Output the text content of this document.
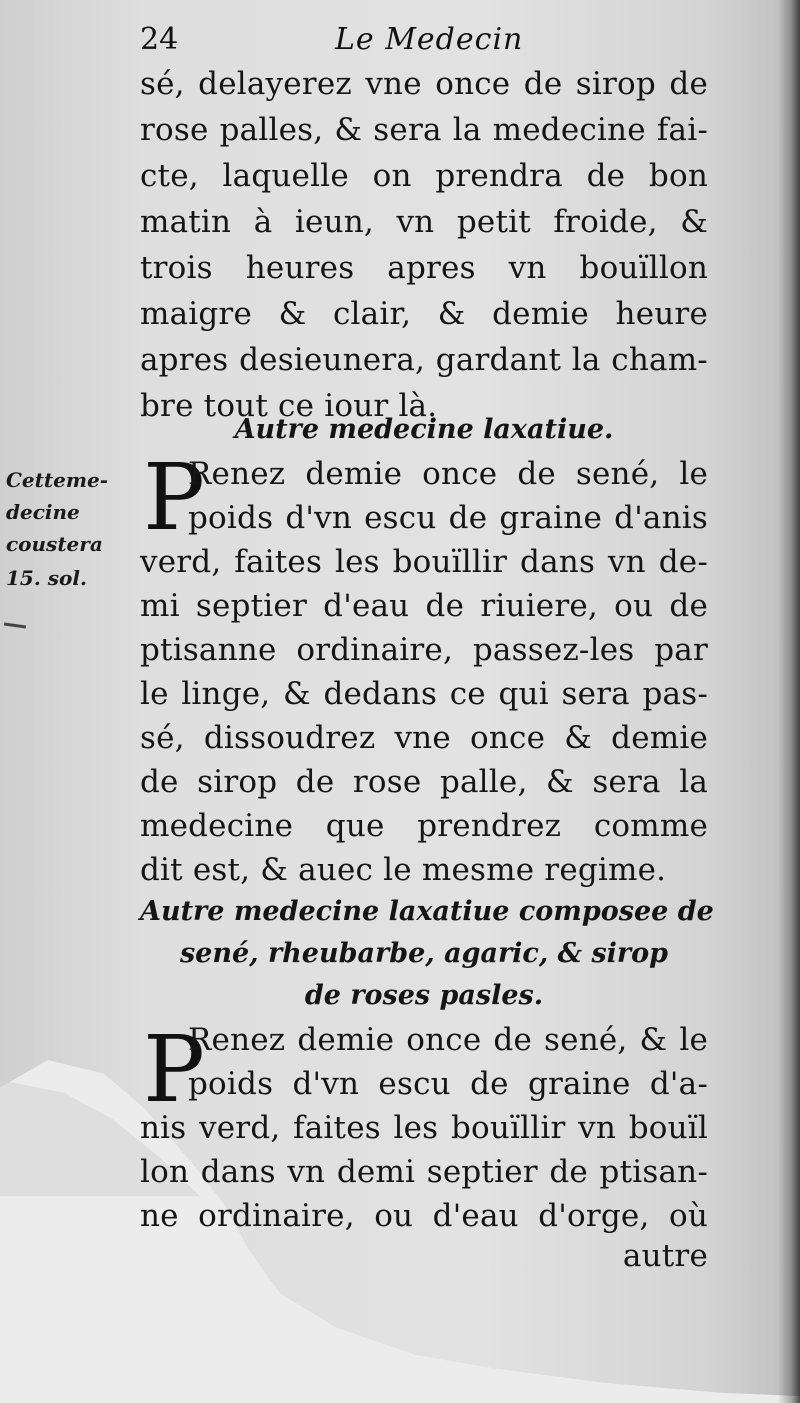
24	Le Medecin
sé, delayerez vne once de sirop de
rose palles, & sera la medecine fai-
cte, laquelle on prendra de bon
matin à ieun, vn petit froide, &
trois heures apres vn bouïllon
maigre & clair, & demie heure
apres desieunera, gardant la cham-
bre tout ce iour là.
Autre medecine laxatiue.
Cetteme-
decine
coustera
15. sol.
P
Renez demie once de sené, le
poids d'vn escu de graine d'anis
verd, faites les bouïllir dans vn de-
mi septier d'eau de riuiere, ou de
ptisanne ordinaire, passez-les par
le linge, & dedans ce qui sera pas-
sé, dissoudrez vne once & demie
de sirop de rose palle, & sera la
medecine que prendrez comme
dit est, & auec le mesme regime.
Autre medecine laxatiue composee de
sené, rheubarbe, agaric, & sirop
de roses pasles.
P
Renez demie once de sené, & le
poids d'vn escu de graine d'a-
nis verd, faites les bouïllir vn bouïl
lon dans vn demi septier de ptisan-
ne ordinaire, ou d'eau d'orge, où
autre
